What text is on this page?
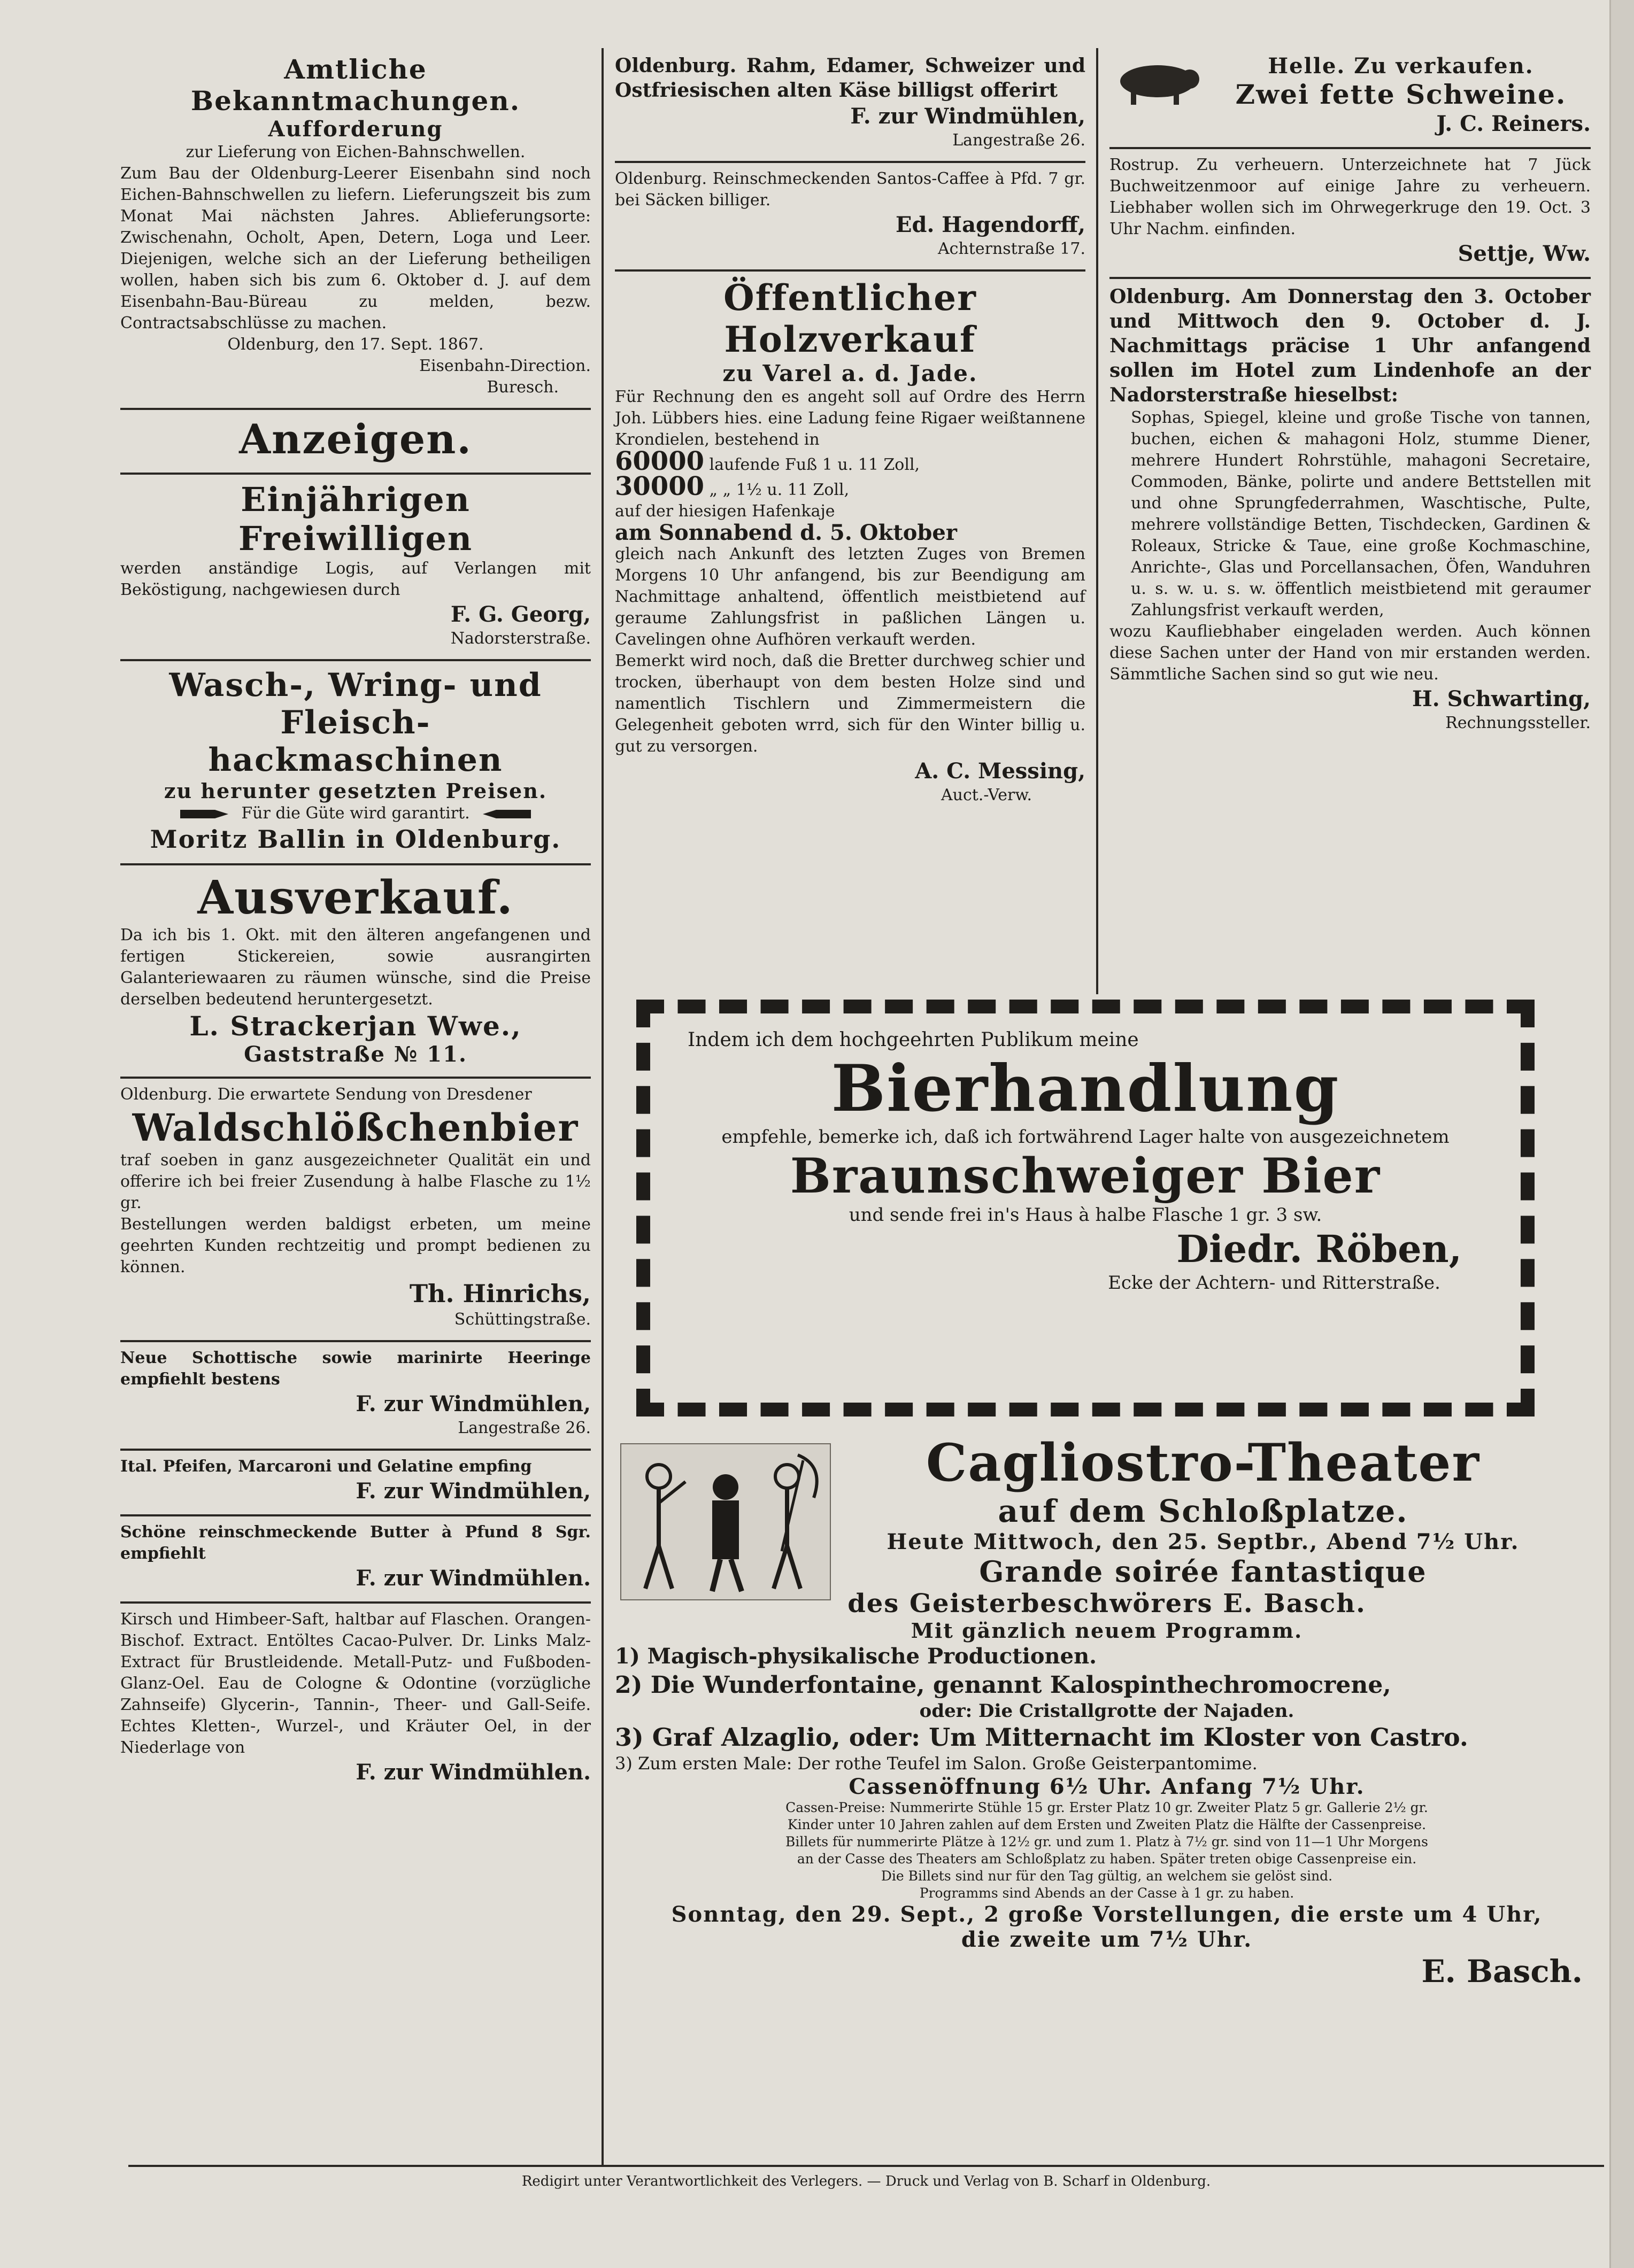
Amtliche Bekanntmachungen.

Aufforderung

zur Lieferung von Eichen-Bahnschwellen.

Zum Bau der Oldenburg-Leerer Eisenbahn sind noch Eichen-Bahnschwellen zu liefern. Lieferungszeit bis zum Monat Mai nächsten Jahres. Ablieferungsorte: Zwischenahn, Ocholt, Apen, Detern, Loga und Leer. Diejenigen, welche sich an der Lieferung betheiligen wollen, haben sich bis zum 6. Oktober d. J. auf dem Eisenbahn-Bau-Büreau zu melden, bezw. Contractsabschlüsse zu machen.

Oldenburg, den 17. Sept. 1867.

Eisenbahn-Direction.

Buresch.

Anzeigen.

Einjährigen Freiwilligen

werden anständige Logis, auf Verlangen mit Beköstigung, nachgewiesen durch

F. G. Georg,

Nadorsterstraße.

Wasch-, Wring- und Fleisch-

hackmaschinen

zu herunter gesetzten Preisen.

Für die Güte wird garantirt.

Moritz Ballin in Oldenburg.

Ausverkauf.

Da ich bis 1. Okt. mit den älteren angefangenen und fertigen Stickereien, sowie ausrangirten Galanteriewaaren zu räumen wünsche, sind die Preise derselben bedeutend heruntergesetzt.

L. Strackerjan Wwe.,

Gaststraße № 11.

Oldenburg. Die erwartete Sendung von Dresdener

Waldschlößchenbier

traf soeben in ganz ausgezeichneter Qualität ein und offerire ich bei freier Zusendung à halbe Flasche zu 1½ gr.

Bestellungen werden baldigst erbeten, um meine geehrten Kunden rechtzeitig und prompt bedienen zu können.

Th. Hinrichs,

Schüttingstraße.

Neue Schottische sowie marinirte Heeringe empfiehlt bestens

F. zur Windmühlen,

Langestraße 26.

Ital. Pfeifen, Marcaroni und Gelatine empfing

F. zur Windmühlen,

Schöne reinschmeckende Butter à Pfund 8 Sgr. empfiehlt

F. zur Windmühlen.

Kirsch und Himbeer-Saft, haltbar auf Flaschen. Orangen-Bischof. Extract. Entöltes Cacao-Pulver. Dr. Links Malz-Extract für Brustleidende. Metall-Putz- und Fußboden-Glanz-Oel. Eau de Cologne & Odontine (vorzügliche Zahnseife) Glycerin-, Tannin-, Theer- und Gall-Seife. Echtes Kletten-, Wurzel-, und Kräuter Oel, in der Niederlage von

F. zur Windmühlen.

Oldenburg. Rahm, Edamer, Schweizer und Ostfriesischen alten Käse billigst offerirt

F. zur Windmühlen,

Langestraße 26.

Oldenburg. Reinschmeckenden Santos-Caffee à Pfd. 7 gr. bei Säcken billiger.

Ed. Hagendorff,

Achternstraße 17.

Öffentlicher Holzverkauf

zu Varel a. d. Jade.

Für Rechnung den es angeht soll auf Ordre des Herrn Joh. Lübbers hies. eine Ladung feine Rigaer weißtannene Krondielen, bestehend in

60000 laufende Fuß 1 u. 11 Zoll,

30000 „ „ 1½ u. 11 Zoll,

auf der hiesigen Hafenkaje

am Sonnabend d. 5. Oktober

gleich nach Ankunft des letzten Zuges von Bremen Morgens 10 Uhr anfangend, bis zur Beendigung am Nachmittage anhaltend, öffentlich meistbietend auf geraume Zahlungsfrist in paßlichen Längen u. Cavelingen ohne Aufhören verkauft werden.

Bemerkt wird noch, daß die Bretter durchweg schier und trocken, überhaupt von dem besten Holze sind und namentlich Tischlern und Zimmermeistern die Gelegenheit geboten wrrd, sich für den Winter billig u. gut zu versorgen.

A. C. Messing,

Auct.-Verw.

Helle. Zu verkaufen.

Zwei fette Schweine.

J. C. Reiners.

Rostrup. Zu verheuern. Unterzeichnete hat 7 Jück Buchweitzenmoor auf einige Jahre zu verheuern. Liebhaber wollen sich im Ohrwegerkruge den 19. Oct. 3 Uhr Nachm. einfinden.

Settje, Ww.

Oldenburg. Am Donnerstag den 3. October und Mittwoch den 9. October d. J. Nachmittags präcise 1 Uhr anfangend sollen im Hotel zum Lindenhofe an der Nadorsterstraße hieselbst:

Sophas, Spiegel, kleine und große Tische von tannen, buchen, eichen & mahagoni Holz, stumme Diener, mehrere Hundert Rohrstühle, mahagoni Secretaire, Commoden, Bänke, polirte und andere Bettstellen mit und ohne Sprungfederrahmen, Waschtische, Pulte, mehrere vollständige Betten, Tischdecken, Gardinen & Roleaux, Stricke & Taue, eine große Kochmaschine, Anrichte-, Glas und Porcellansachen, Öfen, Wanduhren u. s. w. u. s. w. öffentlich meistbietend mit geraumer Zahlungsfrist verkauft werden,

wozu Kaufliebhaber eingeladen werden. Auch können diese Sachen unter der Hand von mir erstanden werden. Sämmtliche Sachen sind so gut wie neu.

H. Schwarting,

Rechnungssteller.

Indem ich dem hochgeehrten Publikum meine

Bierhandlung

empfehle, bemerke ich, daß ich fortwährend Lager halte von ausgezeichnetem

Braunschweiger Bier

und sende frei in's Haus à halbe Flasche 1 gr. 3 sw.

Diedr. Röben,

Ecke der Achtern- und Ritterstraße.

Cagliostro-Theater

auf dem Schloßplatze.

Heute Mittwoch, den 25. Septbr., Abend 7½ Uhr.

Grande soirée fantastique

des Geisterbeschwörers E. Basch.

Mit gänzlich neuem Programm.

1) Magisch-physikalische Productionen.

2) Die Wunderfontaine, genannt Kalospinthechromocrene,

oder: Die Cristallgrotte der Najaden.

3) Graf Alzaglio, oder: Um Mitternacht im Kloster von Castro.

3) Zum ersten Male: Der rothe Teufel im Salon. Große Geisterpantomime.

Cassenöffnung 6½ Uhr. Anfang 7½ Uhr.

Cassen-Preise: Nummerirte Stühle 15 gr. Erster Platz 10 gr. Zweiter Platz 5 gr. Gallerie 2½ gr.

Kinder unter 10 Jahren zahlen auf dem Ersten und Zweiten Platz die Hälfte der Cassenpreise.

Billets für nummerirte Plätze à 12½ gr. und zum 1. Platz à 7½ gr. sind von 11—1 Uhr Morgens

an der Casse des Theaters am Schloßplatz zu haben. Später treten obige Cassenpreise ein.

Die Billets sind nur für den Tag gültig, an welchem sie gelöst sind.

Programms sind Abends an der Casse à 1 gr. zu haben.

Sonntag, den 29. Sept., 2 große Vorstellungen, die erste um 4 Uhr,

die zweite um 7½ Uhr.

E. Basch.

Redigirt unter Verantwortlichkeit des Verlegers. — Druck und Verlag von B. Scharf in Oldenburg.
